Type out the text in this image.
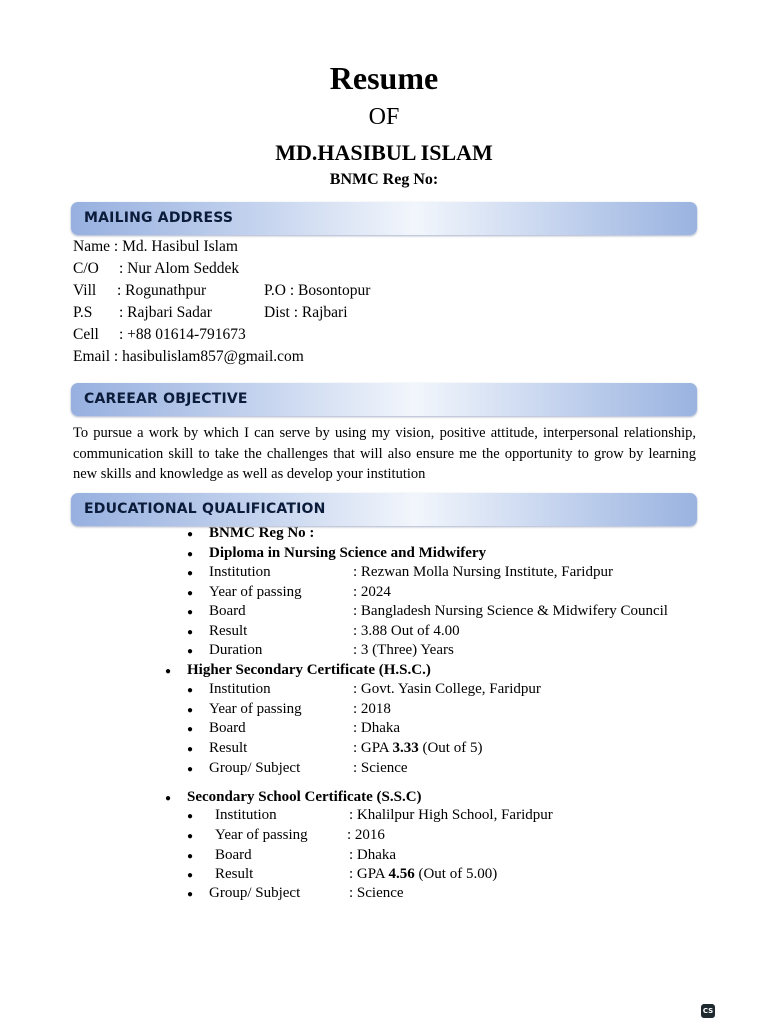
Resume
OF
MD.HASIBUL ISLAM
BNMC Reg No:
MAILING ADDRESS
Name : Md. Hasibul Islam
C/O : Nur Alom Seddek
Vill : Rogunathpur	P.O : Bosontopur
P.S : Rajbari Sadar	Dist : Rajbari
Cell : +88 01614-791673
Email : hasibulislam857@gmail.com
CAREEAR OBJECTIVE
To pursue a work by which I can serve by using my vision, positive attitude, interpersonal relationship, communication skill to take the challenges that will also ensure me the opportunity to grow by learning new skills and knowledge as well as develop your institution
EDUCATIONAL QUALIFICATION
● BNMC Reg No :
● Diploma in Nursing Science and Midwifery
● Institution	: Rezwan Molla Nursing Institute, Faridpur
● Year of passing	: 2024
● Board	: Bangladesh Nursing Science & Midwifery Council
● Result	: 3.88 Out of 4.00
● Duration	: 3 (Three) Years
● Higher Secondary Certificate (H.S.C.)
● Institution	: Govt. Yasin College, Faridpur
● Year of passing	: 2018
● Board	: Dhaka
● Result	: GPA 3.33 (Out of 5)
● Group/ Subject	: Science
● Secondary School Certificate (S.S.C)
● Institution	: Khalilpur High School, Faridpur
● Year of passing	: 2016
● Board	: Dhaka
● Result	: GPA 4.56 (Out of 5.00)
● Group/ Subject	: Science
CS
